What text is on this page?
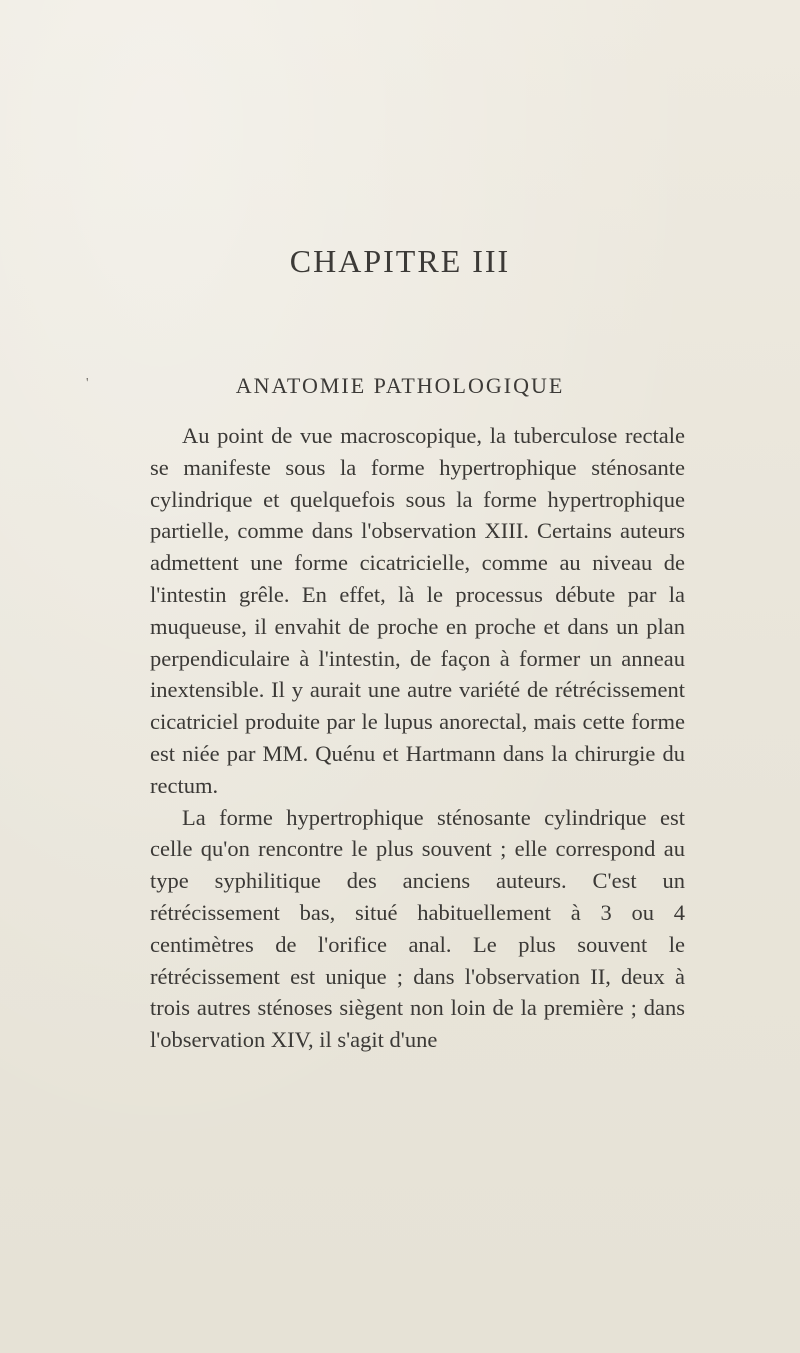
'
CHAPITRE III
ANATOMIE PATHOLOGIQUE

Au point de vue macroscopique, la tuberculose rectale se manifeste sous la forme hypertrophique sténosante cylindrique et quelquefois sous la forme hypertrophique partielle, comme dans l'observation XIII. Certains auteurs admettent une forme cicatricielle, comme au niveau de l'intestin grêle. En effet, là le processus débute par la muqueuse, il envahit de proche en proche et dans un plan perpendiculaire à l'intestin, de façon à former un anneau inextensible. Il y aurait une autre variété de rétrécissement cicatriciel produite par le lupus anorectal, mais cette forme est niée par MM. Quénu et Hartmann dans la chirurgie du rectum.

La forme hypertrophique sténosante cylindrique est celle qu'on rencontre le plus souvent ; elle correspond au type syphilitique des anciens auteurs. C'est un rétrécissement bas, situé habituellement à 3 ou 4 centimètres de l'orifice anal. Le plus souvent le rétrécissement est unique ; dans l'observation II, deux à trois autres sténoses siègent non loin de la première ; dans l'observation XIV, il s'agit d'une
